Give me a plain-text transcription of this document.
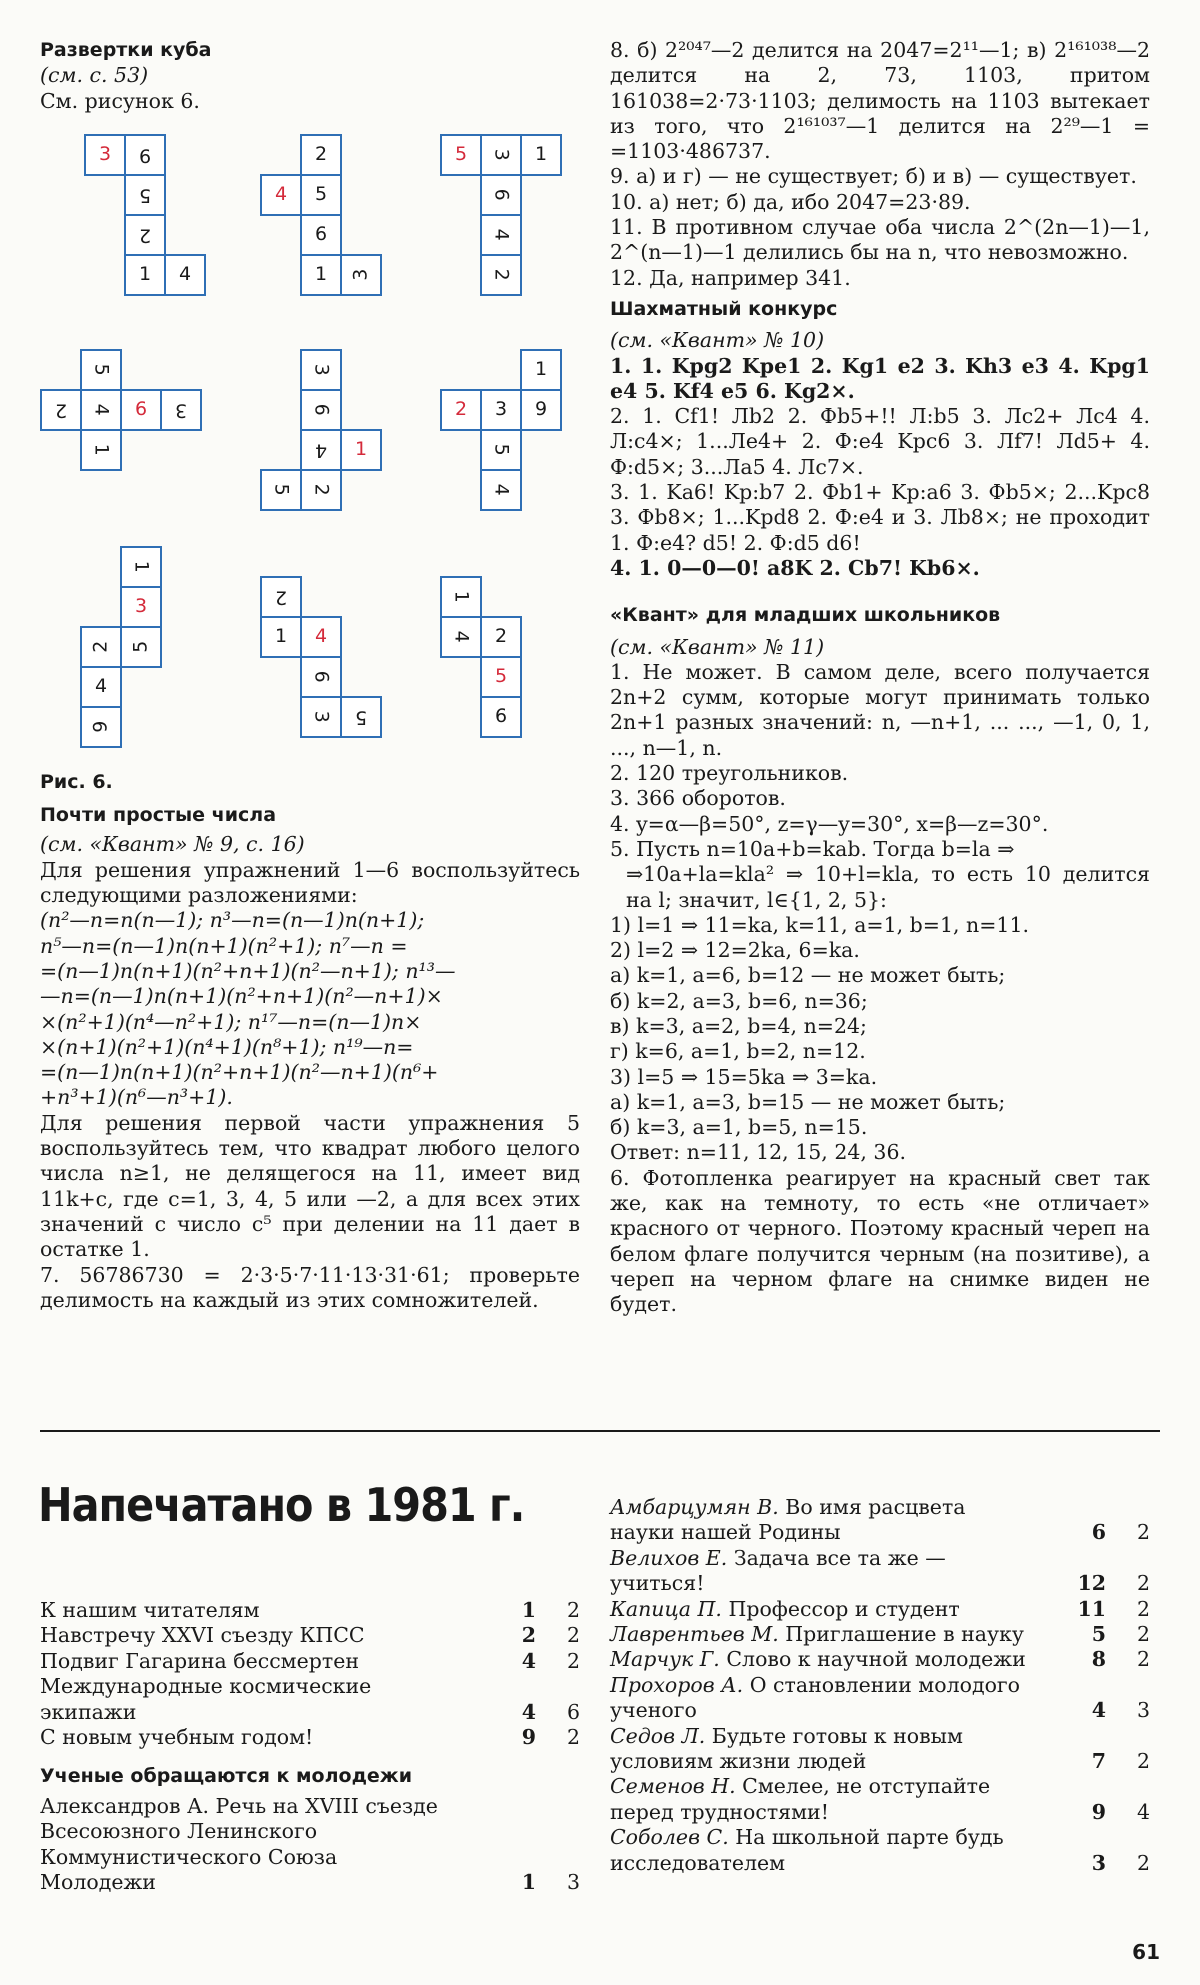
Развертки куба
(см. с. 53)
См. рисунок 6.
3	9
5
2
1	4
2
4	5
6
1	3
5	3	1
6
4
2
5
2 4	6	3
1
3
6
4	1
5 2
1
2	3	9
5
4
1
3
2 5
4
9
2
1	4
6
3 5
1
4	2
5
6
Рис. 6.
Почти простые числа
(см. «Квант» № 9, с. 16)

Для решения упражнений 1—6 воспользуйтесь следующими разложениями:

(n²—n=n(n—1); n³—n=(n—1)n(n+1);
n⁵—n=(n—1)n(n+1)(n²+1); n⁷—n =
=(n—1)n(n+1)(n²+n+1)(n²—n+1); n¹³—
—n=(n—1)n(n+1)(n²+n+1)(n²—n+1)×
×(n²+1)(n⁴—n²+1); n¹⁷—n=(n—1)n×
×(n+1)(n²+1)(n⁴+1)(n⁸+1); n¹⁹—n=
=(n—1)n(n+1)(n²+n+1)(n²—n+1)(n⁶+
+n³+1)(n⁶—n³+1).

Для решения первой части упражнения 5 воспользуйтесь тем, что квадрат любого целого числа n≥1, не делящегося на 11, имеет вид 11k+c, где c=1, 3, 4, 5 или —2, а для всех этих значений c число c⁵ при делении на 11 дает в остатке 1.

7. 56786730 = 2·3·5·7·11·13·31·61; проверьте делимость на каждый из этих сомножителей.

8. б) 2²⁰⁴⁷—2 делится на 2047=2¹¹—1; в) 2¹⁶¹⁰³⁸—2 делится на 2, 73, 1103, притом 161038=2·73·1103; делимость на 1103 вытекает из того, что 2¹⁶¹⁰³⁷—1 делится на 2²⁹—1 = =1103·486737.

9. а) и г) — не существует; б) и в) — существует.

10. а) нет; б) да, ибо 2047=23·89.

11. В противном случае оба числа 2^(2n—1)—1, 2^(n—1)—1 делились бы на n, что невозможно.

12. Да, например 341.

Шахматный конкурс
(см. «Квант» № 10)

1. 1. Kpg2 Kpe1 2. Kg1 e2 3. Kh3 e3 4. Kpg1 e4 5. Kf4 e5 6. Kg2×.

2. 1. Cf1! Лb2 2. Фb5+!! Л:b5 3. Лc2+ Лc4 4. Л:c4×; 1...Лe4+ 2. Ф:e4 Kpc6 3. Лf7! Лd5+ 4. Ф:d5×; 3...Лa5 4. Лc7×.

3. 1. Ka6! Kp:b7 2. Фb1+ Kp:a6 3. Фb5×; 2...Kpc8 3. Фb8×; 1...Kpd8 2. Ф:e4 и 3. Лb8×; не проходит 1. Ф:e4? d5! 2. Ф:d5 d6!

4. 1. 0—0—0! a8K 2. Cb7! Kb6×.

«Квант» для младших школьников
(см. «Квант» № 11)

1. Не может. В самом деле, всего получается 2n+2 сумм, которые могут принимать только 2n+1 разных значений: n, —n+1, ... ..., —1, 0, 1, ..., n—1, n.

2. 120 треугольников.
3. 366 оборотов.
4. y=α—β=50°, z=γ—y=30°, x=β—z=30°.
5. Пусть n=10a+b=kab. Тогда b=la ⇒

⇒10a+la=kla² ⇒ 10+l=kla, то есть 10 делится на l; значит, l∈{1, 2, 5}:

1) l=1 ⇒ 11=ka, k=11, a=1, b=1, n=11.
2) l=2 ⇒ 12=2ka, 6=ka.
а) k=1, a=6, b=12 — не может быть;
б) k=2, a=3, b=6, n=36;
в) k=3, a=2, b=4, n=24;
г) k=6, a=1, b=2, n=12.
3) l=5 ⇒ 15=5ka ⇒ 3=ka.
а) k=1, a=3, b=15 — не может быть;
б) k=3, a=1, b=5, n=15.
Ответ: n=11, 12, 15, 24, 36.

6. Фотопленка реагирует на красный свет так же, как на темноту, то есть «не отличает» красного от черного. Поэтому красный череп на белом флаге получится черным (на позитиве), а череп на черном флаге на снимке виден не будет.

Напечатано в 1981 г.
К нашим читателям	1	2
Навстречу XXVI съезду КПСС	2	2
Подвиг Гагарина бессмертен	4	2
Международные космические экипажи	4	6
С новым учебным годом!	9	2
Ученые обращаются к молодежи
Александров А. Речь на XVIII съезде Всесоюзного Ленинского Коммунистического Союза Молодежи	1	3
Амбарцумян В. Во имя расцвета науки нашей Родины	6	2
Велихов Е. Задача все та же — учиться!	12	2
Капица П. Профессор и студент	11	2
Лаврентьев М. Приглашение в науку	5	2
Марчук Г. Слово к научной молодежи	8	2
Прохоров А. О становлении молодого ученого	4	3
Седов Л. Будьте готовы к новым условиям жизни людей	7	2
Семенов Н. Смелее, не отступайте перед трудностями!	9	4
Соболев С. На школьной парте будь исследователем	3	2
61
